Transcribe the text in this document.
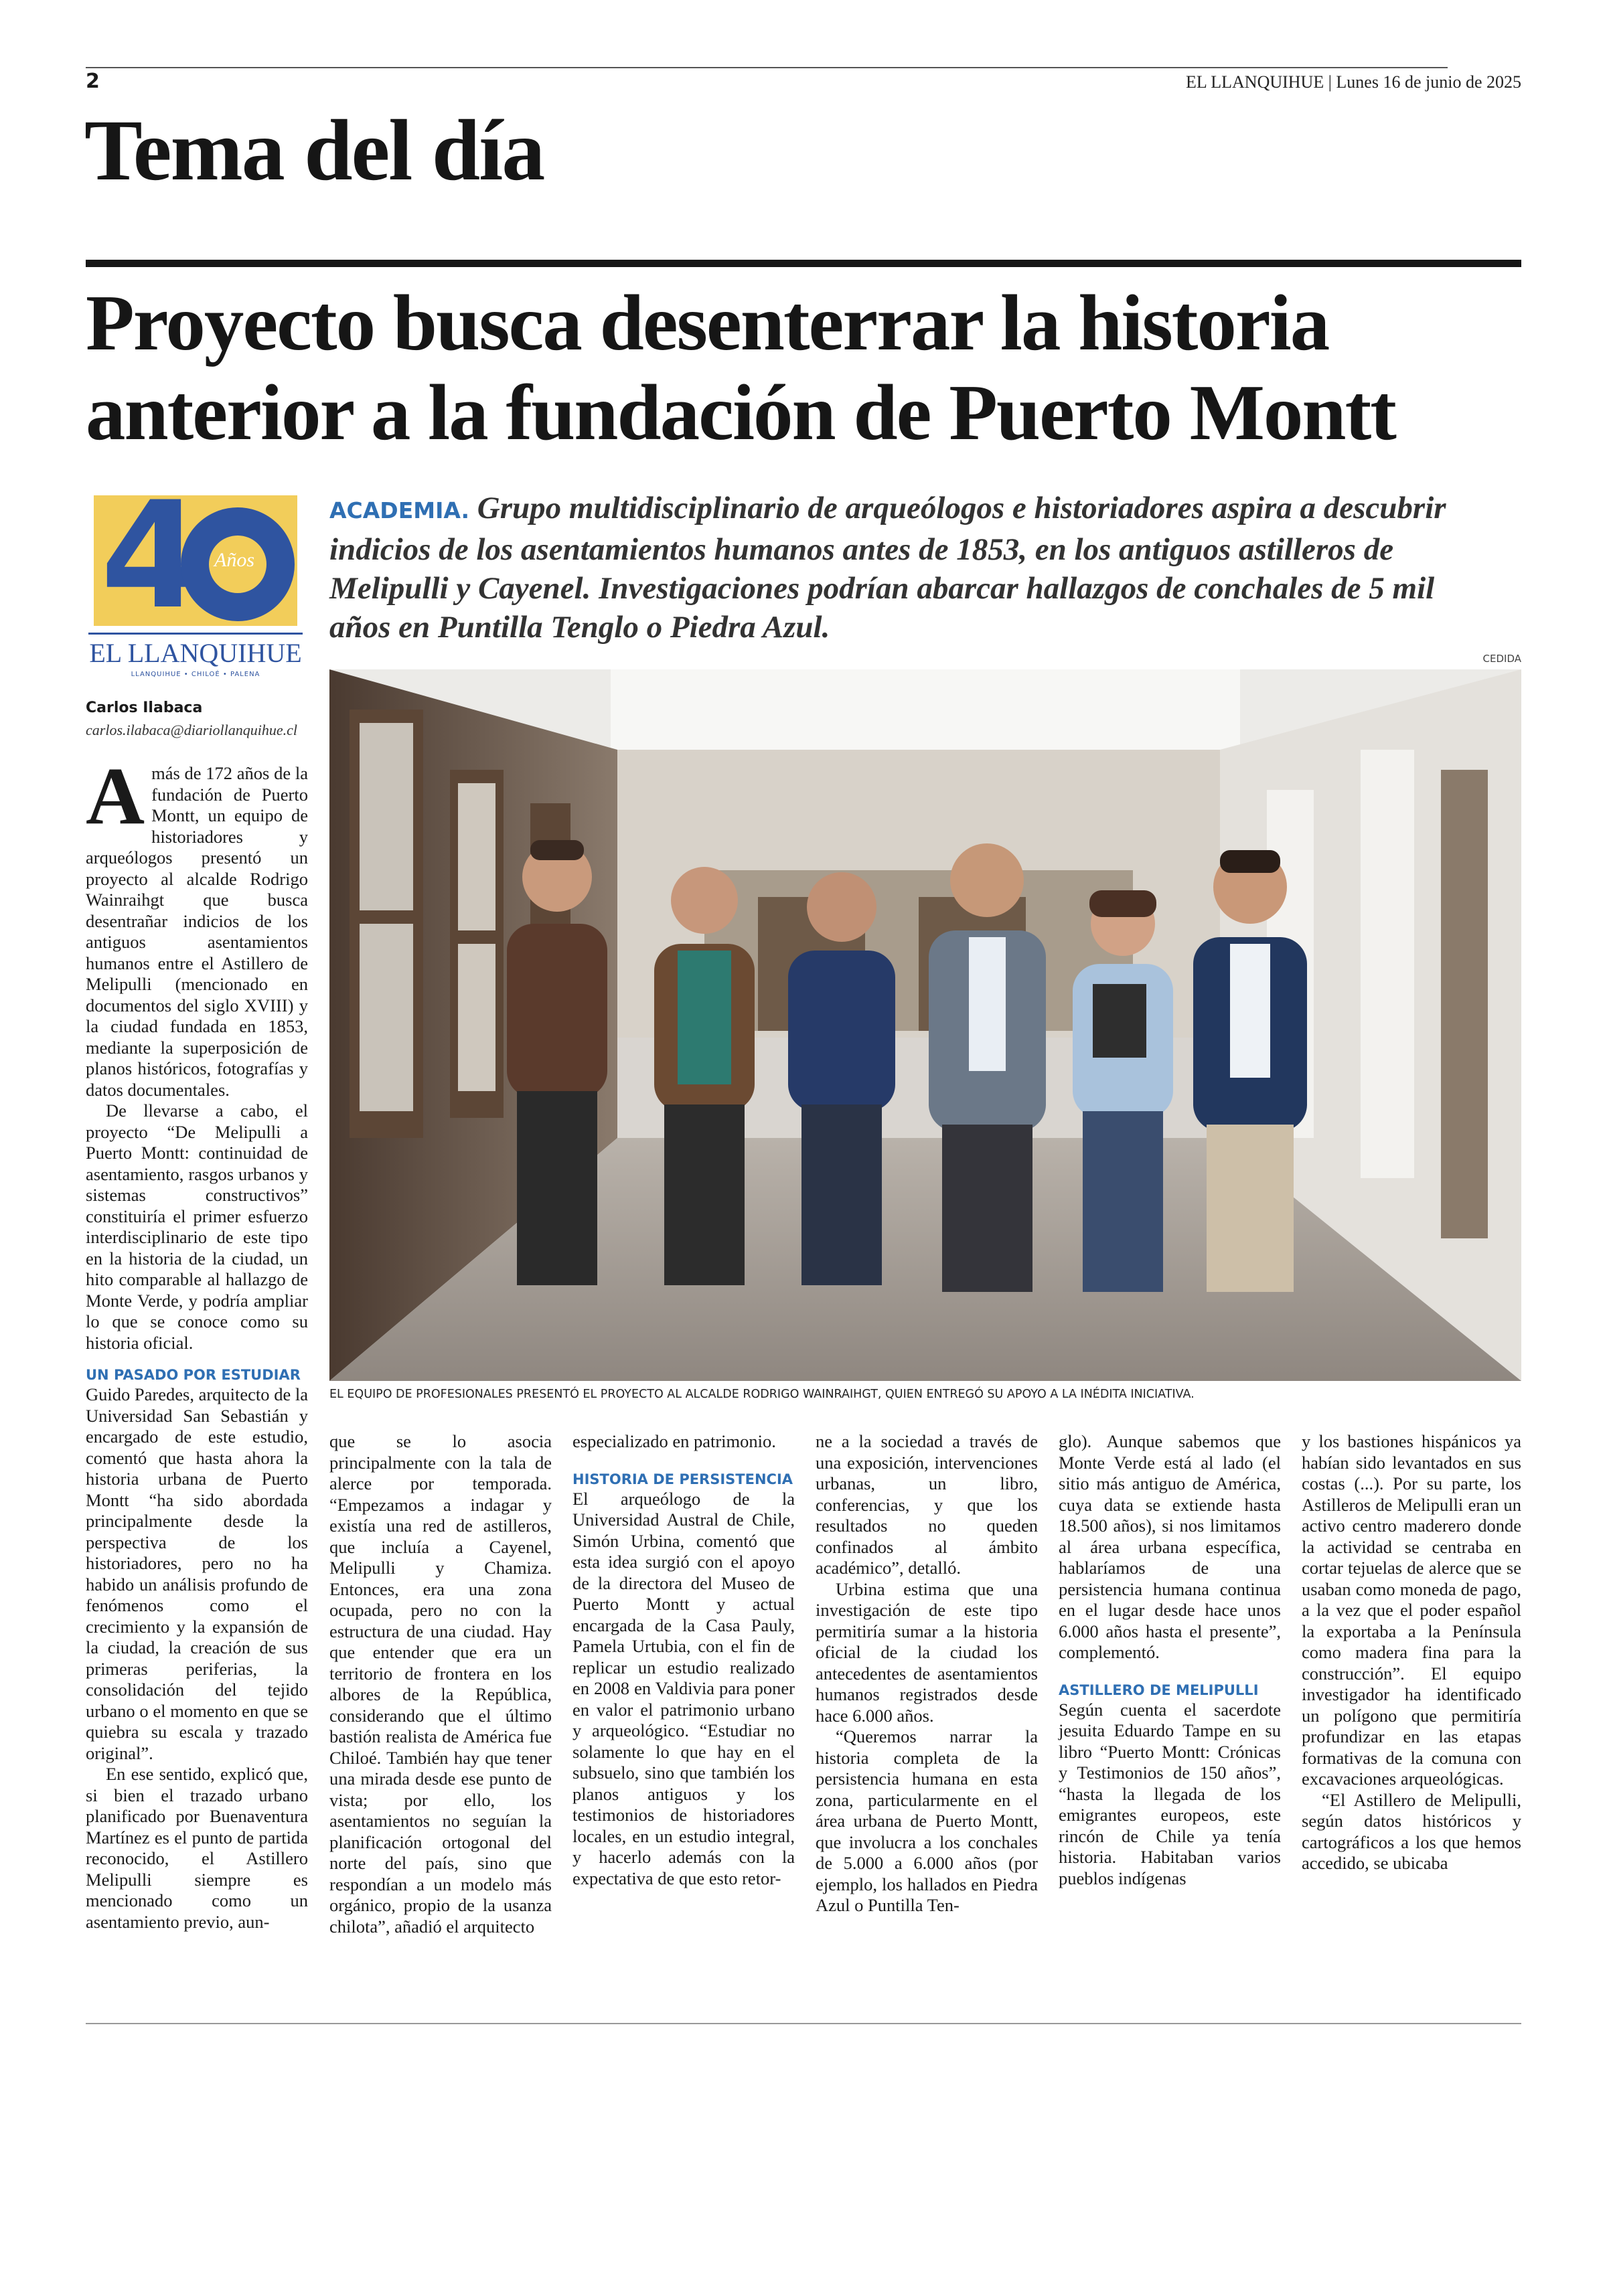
2	EL LLANQUIHUE | Lunes 16 de junio de 2025
Tema del día
Proyecto busca desenterrar la historia anterior a la fundación de Puerto Montt
4 Años
EL LLANQUIHUE
LLANQUIHUE • CHILOÉ • PALENA
ACADEMIA. Grupo multidisciplinario de arqueólogos e historiadores aspira a descubrir indicios de los asentamientos humanos antes de 1853, en los antiguos astilleros de Melipulli y Cayenel. Investigaciones podrían abarcar hallazgos de conchales de 5 mil años en Puntilla Tenglo o Piedra Azul.
CEDIDA
Carlos Ilabaca
carlos.ilabaca@diariollanquihue.cl
EL EQUIPO DE PROFESIONALES PRESENTÓ EL PROYECTO AL ALCALDE RODRIGO WAINRAIHGT, QUIEN ENTREGÓ SU APOYO A LA INÉDITA INICIATIVA.

Amás de 172 años de la fundación de Puerto Montt, un equipo de historiadores y arqueólogos presentó un proyecto al alcalde Rodrigo Wainraihgt que busca desentrañar indicios de los antiguos asentamientos humanos entre el Astillero de Melipulli (mencionado en documentos del siglo XVIII) y la ciudad fundada en 1853, mediante la superposición de planos históricos, fotografías y datos documentales.

De llevarse a cabo, el proyecto “De Melipulli a Puerto Montt: continuidad de asentamiento, rasgos urbanos y sistemas constructivos” constituiría el primer esfuerzo interdisciplinario de este tipo en la historia de la ciudad, un hito comparable al hallazgo de Monte Verde, y podría ampliar lo que se conoce como su historia oficial.

UN PASADO POR ESTUDIAR

Guido Paredes, arquitecto de la Universidad San Sebastián y encargado de este estudio, comentó que hasta ahora la historia urbana de Puerto Montt “ha sido abordada principalmente desde la perspectiva de los historiadores, pero no ha habido un análisis profundo de fenómenos como el crecimiento y la expansión de la ciudad, la creación de sus primeras periferias, la consolidación del tejido urbano o el momento en que se quiebra su escala y trazado original”.

En ese sentido, explicó que, si bien el trazado urbano planificado por Buenaventura Martínez es el punto de partida reconocido, el Astillero Melipulli siempre es mencionado como un asentamiento previo, aun-

que se lo asocia principalmente con la tala de alerce por temporada. “Empezamos a indagar y existía una red de astilleros, que incluía a Cayenel, Melipulli y Chamiza. Entonces, era una zona ocupada, pero no con la estructura de una ciudad. Hay que entender que era un territorio de frontera en los albores de la República, considerando que el último bastión realista de América fue Chiloé. También hay que tener una mirada desde ese punto de vista; por ello, los asentamientos no seguían la planificación ortogonal del norte del país, sino que respondían a un modelo más orgánico, propio de la usanza chilota”, añadió el arquitecto

especializado en patrimonio.

HISTORIA DE PERSISTENCIA

El arqueólogo de la Universidad Austral de Chile, Simón Urbina, comentó que esta idea surgió con el apoyo de la directora del Museo de Puerto Montt y actual encargada de la Casa Pauly, Pamela Urtubia, con el fin de replicar un estudio realizado en 2008 en Valdivia para poner en valor el patrimonio urbano y arqueológico. “Estudiar no solamente lo que hay en el subsuelo, sino que también los planos antiguos y los testimonios de historiadores locales, en un estudio integral, y hacerlo además con la expectativa de que esto retor-

ne a la sociedad a través de una exposición, intervenciones urbanas, un libro, conferencias, y que los resultados no queden confinados al ámbito académico”, detalló.

Urbina estima que una investigación de este tipo permitiría sumar a la historia oficial de la ciudad los antecedentes de asentamientos humanos registrados desde hace 6.000 años.

“Queremos narrar la historia completa de la persistencia humana en esta zona, particularmente en el área urbana de Puerto Montt, que involucra a los conchales de 5.000 a 6.000 años (por ejemplo, los hallados en Piedra Azul o Puntilla Ten-

glo). Aunque sabemos que Monte Verde está al lado (el sitio más antiguo de América, cuya data se extiende hasta 18.500 años), si nos limitamos al área urbana específica, hablaríamos de una persistencia humana continua en el lugar desde hace unos 6.000 años hasta el presente”, complementó.

ASTILLERO DE MELIPULLI

Según cuenta el sacerdote jesuita Eduardo Tampe en su libro “Puerto Montt: Crónicas y Testimonios de 150 años”, “hasta la llegada de los emigrantes europeos, este rincón de Chile ya tenía historia. Habitaban varios pueblos indígenas

y los bastiones hispánicos ya habían sido levantados en sus costas (...). Por su parte, los Astilleros de Melipulli eran un activo centro maderero donde la actividad se centraba en cortar tejuelas de alerce que se usaban como moneda de pago, a la vez que el poder español la exportaba a la Península como madera fina para la construcción”. El equipo investigador ha identificado un polígono que permitiría profundizar en las etapas formativas de la comuna con excavaciones arqueológicas.

“El Astillero de Melipulli, según datos históricos y cartográficos a los que hemos accedido, se ubicaba
